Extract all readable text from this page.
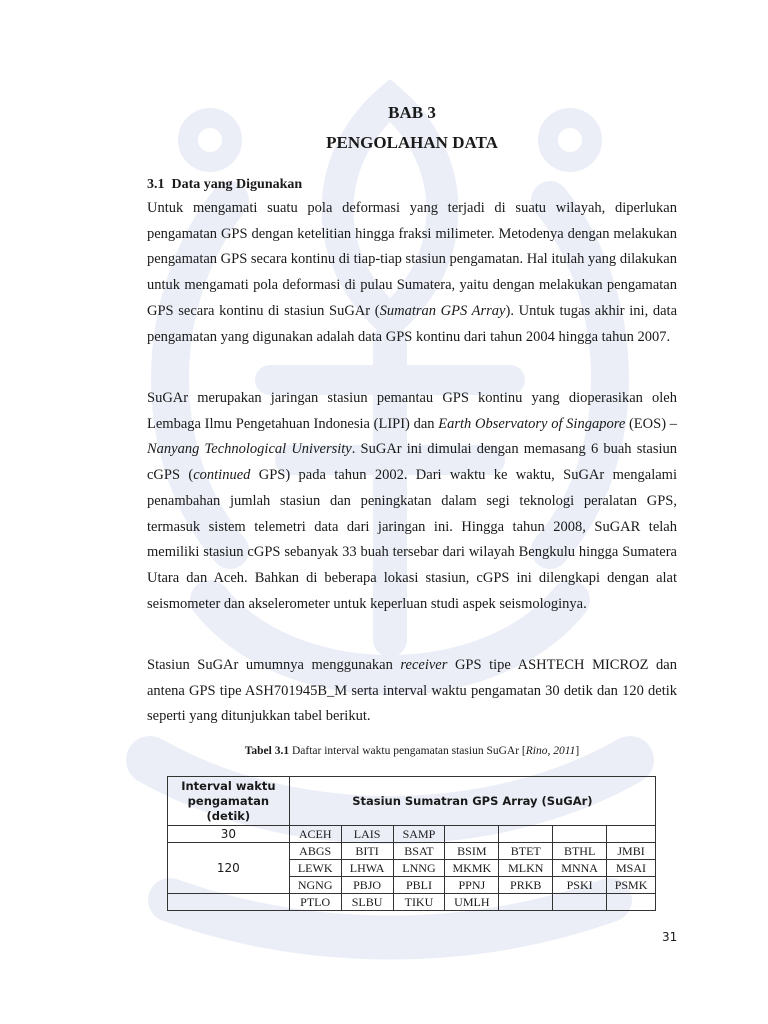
BAB 3
PENGOLAHAN DATA
3.1 Data yang Digunakan
Untuk mengamati suatu pola deformasi yang terjadi di suatu wilayah, diperlukan pengamatan GPS dengan ketelitian hingga fraksi milimeter. Metodenya dengan melakukan pengamatan GPS secara kontinu di tiap-tiap stasiun pengamatan. Hal itulah yang dilakukan untuk mengamati pola deformasi di pulau Sumatera, yaitu dengan melakukan pengamatan GPS secara kontinu di stasiun SuGAr (Sumatran GPS Array). Untuk tugas akhir ini, data pengamatan yang digunakan adalah data GPS kontinu dari tahun 2004 hingga tahun 2007.
SuGAr merupakan jaringan stasiun pemantau GPS kontinu yang dioperasikan oleh Lembaga Ilmu Pengetahuan Indonesia (LIPI) dan Earth Observatory of Singapore (EOS) – Nanyang Technological University. SuGAr ini dimulai dengan memasang 6 buah stasiun cGPS (continued GPS) pada tahun 2002. Dari waktu ke waktu, SuGAr mengalami penambahan jumlah stasiun dan peningkatan dalam segi teknologi peralatan GPS, termasuk sistem telemetri data dari jaringan ini. Hingga tahun 2008, SuGAR telah memiliki stasiun cGPS sebanyak 33 buah tersebar dari wilayah Bengkulu hingga Sumatera Utara dan Aceh. Bahkan di beberapa lokasi stasiun, cGPS ini dilengkapi dengan alat seismometer dan akselerometer untuk keperluan studi aspek seismologinya.
Stasiun SuGAr umumnya menggunakan receiver GPS tipe ASHTECH MICROZ dan antena GPS tipe ASH701945B_M serta interval waktu pengamatan 30 detik dan 120 detik seperti yang ditunjukkan tabel berikut.
Tabel 3.1 Daftar interval waktu pengamatan stasiun SuGAr [Rino, 2011]
Interval waktu pengamatan (detik)	Stasiun Sumatran GPS Array (SuGAr)						
30	ACEH	LAIS	SAMP				
120	ABGS	BITI	BSAT	BSIM	BTET	BTHL	JMBI
	LEWK	LHWA	LNNG	MKMK	MLKN	MNNA	MSAI
	NGNG	PBJO	PBLI	PPNJ	PRKB	PSKI	PSMK
	PTLO	SLBU	TIKU	UMLH			
31
